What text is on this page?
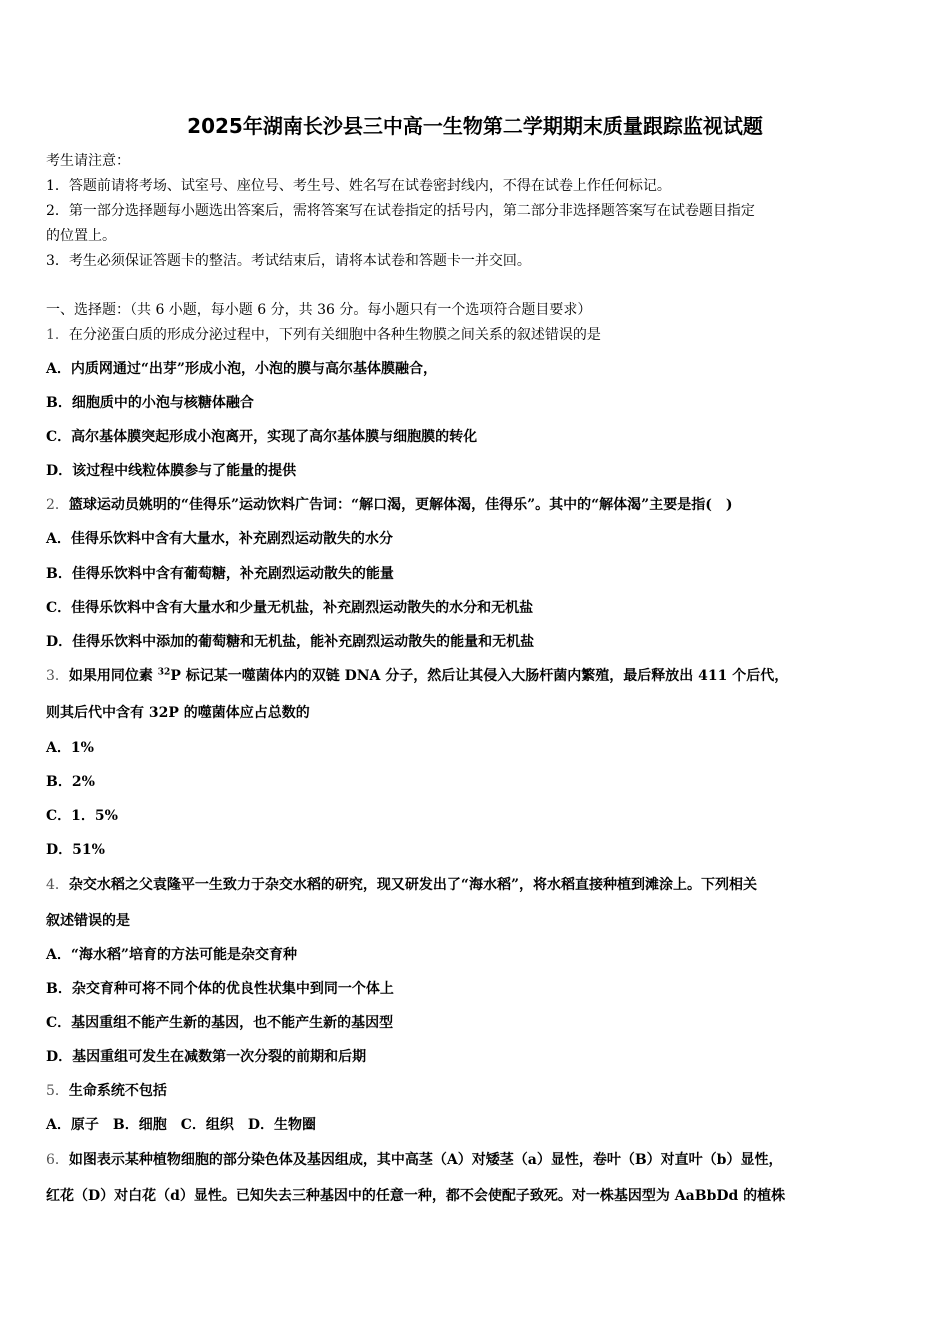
2025年湖南长沙县三中高一生物第二学期期末质量跟踪监视试题
考生请注意：
1．答题前请将考场、试室号、座位号、考生号、姓名写在试卷密封线内，不得在试卷上作任何标记。
2．第一部分选择题每小题选出答案后，需将答案写在试卷指定的括号内，第二部分非选择题答案写在试卷题目指定
的位置上。
3．考生必须保证答题卡的整洁。考试结束后，请将本试卷和答题卡一并交回。
一、选择题：（共 6 小题，每小题 6 分，共 36 分。每小题只有一个选项符合题目要求）
1．在分泌蛋白质的形成分泌过程中，下列有关细胞中各种生物膜之间关系的叙述错误的是
A．内质网通过“出芽”形成小泡，小泡的膜与高尔基体膜融合，
B．细胞质中的小泡与核糖体融合
C．高尔基体膜突起形成小泡离开，实现了高尔基体膜与细胞膜的转化
D．该过程中线粒体膜参与了能量的提供
2．篮球运动员姚明的“佳得乐”运动饮料广告词：“解口渴，更解体渴，佳得乐”。其中的“解体渴”主要是指(　)
A．佳得乐饮料中含有大量水，补充剧烈运动散失的水分
B．佳得乐饮料中含有葡萄糖，补充剧烈运动散失的能量
C．佳得乐饮料中含有大量水和少量无机盐，补充剧烈运动散失的水分和无机盐
D．佳得乐饮料中添加的葡萄糖和无机盐，能补充剧烈运动散失的能量和无机盐
3．如果用同位素 $^{32}$P 标记某一噬菌体内的双链 DNA 分子，然后让其侵入大肠杆菌内繁殖，最后释放出 411 个后代，
则其后代中含有 32P 的噬菌体应占总数的
A．1%
B．2%
C．1．5%
D．51%
4．杂交水稻之父袁隆平一生致力于杂交水稻的研究，现又研发出了“海水稻”，将水稻直接种植到滩涂上。下列相关
叙述错误的是
A．“海水稻”培育的方法可能是杂交育种
B．杂交育种可将不同个体的优良性状集中到同一个体上
C．基因重组不能产生新的基因，也不能产生新的基因型
D．基因重组可发生在减数第一次分裂的前期和后期
5．生命系统不包括
A．原子 B．细胞 C．组织 D．生物圈
6．如图表示某种植物细胞的部分染色体及基因组成，其中高茎（A）对矮茎（a）显性，卷叶（B）对直叶（b）显性，
红花（D）对白花（d）显性。已知失去三种基因中的任意一种，都不会使配子致死。对一株基因型为 AaBbDd 的植株
